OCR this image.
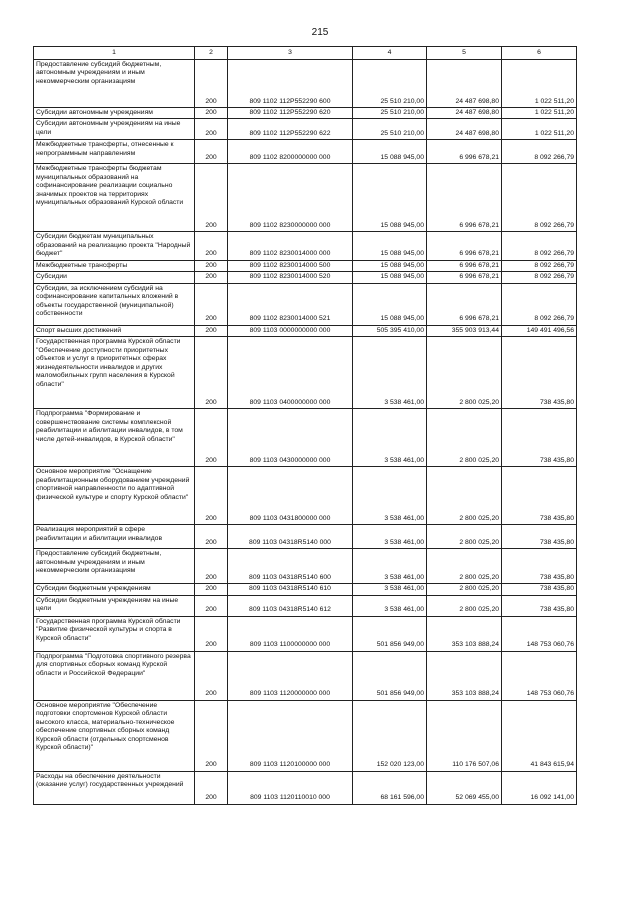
215
1	2	3	4	5	6
Предоставление субсидий бюджетным, автономным учреждениям и иным некоммерческим организациям	200	809 1102 112P552290 600	25 510 210,00	24 487 698,80	1 022 511,20
Субсидии автономным учреждениям	200	809 1102 112P552290 620	25 510 210,00	24 487 698,80	1 022 511,20
Субсидии автономным учреждениям на иные цели	200	809 1102 112P552290 622	25 510 210,00	24 487 698,80	1 022 511,20
Межбюджетные трансферты, отнесенные к непрограммным направлениям	200	809 1102 8200000000 000	15 088 945,00	6 996 678,21	8 092 266,79
Межбюджетные трансферты бюджетам муниципальных образований на софинансирование реализации социально значимых проектов на территориях муниципальных образований Курской области	200	809 1102 8230000000 000	15 088 945,00	6 996 678,21	8 092 266,79
Субсидии бюджетам муниципальных образований на реализацию проекта "Народный бюджет"	200	809 1102 8230014000 000	15 088 945,00	6 996 678,21	8 092 266,79
Межбюджетные трансферты	200	809 1102 8230014000 500	15 088 945,00	6 996 678,21	8 092 266,79
Субсидии	200	809 1102 8230014000 520	15 088 945,00	6 996 678,21	8 092 266,79
Субсидии, за исключением субсидий на софинансирование капитальных вложений в объекты государственной (муниципальной) собственности	200	809 1102 8230014000 521	15 088 945,00	6 996 678,21	8 092 266,79
Спорт высших достижений	200	809 1103 0000000000 000	505 395 410,00	355 903 913,44	149 491 496,56
Государственная программа Курской области "Обеспечение доступности приоритетных объектов и услуг в приоритетных сферах жизнедеятельности инвалидов и других маломобильных групп населения в Курской области"	200	809 1103 0400000000 000	3 538 461,00	2 800 025,20	738 435,80
Подпрограмма "Формирование и совершенствование системы комплексной реабилитации и абилитации инвалидов, в том числе детей-инвалидов, в Курской области"	200	809 1103 0430000000 000	3 538 461,00	2 800 025,20	738 435,80
Основное мероприятие "Оснащение реабилитационным оборудованием учреждений спортивной направленности по адаптивной физической культуре и спорту Курской области"	200	809 1103 0431800000 000	3 538 461,00	2 800 025,20	738 435,80
Реализация мероприятий в сфере реабилитации и абилитации инвалидов	200	809 1103 04318R5140 000	3 538 461,00	2 800 025,20	738 435,80
Предоставление субсидий бюджетным, автономным учреждениям и иным некоммерческим организациям	200	809 1103 04318R5140 600	3 538 461,00	2 800 025,20	738 435,80
Субсидии бюджетным учреждениям	200	809 1103 04318R5140 610	3 538 461,00	2 800 025,20	738 435,80
Субсидии бюджетным учреждениям на иные цели	200	809 1103 04318R5140 612	3 538 461,00	2 800 025,20	738 435,80
Государственная программа Курской области "Развитие физической культуры и спорта в Курской области"	200	809 1103 1100000000 000	501 856 949,00	353 103 888,24	148 753 060,76
Подпрограмма "Подготовка спортивного резерва для спортивных сборных команд Курской области и Российской Федерации"	200	809 1103 1120000000 000	501 856 949,00	353 103 888,24	148 753 060,76
Основное мероприятие "Обеспечение подготовки спортсменов Курской области высокого класса, материально-техническое обеспечение спортивных сборных команд Курской области (отдельных спортсменов Курской области)"	200	809 1103 1120100000 000	152 020 123,00	110 176 507,06	41 843 615,94
Расходы на обеспечение деятельности (оказание услуг) государственных учреждений	200	809 1103 1120110010 000	68 161 596,00	52 069 455,00	16 092 141,00
